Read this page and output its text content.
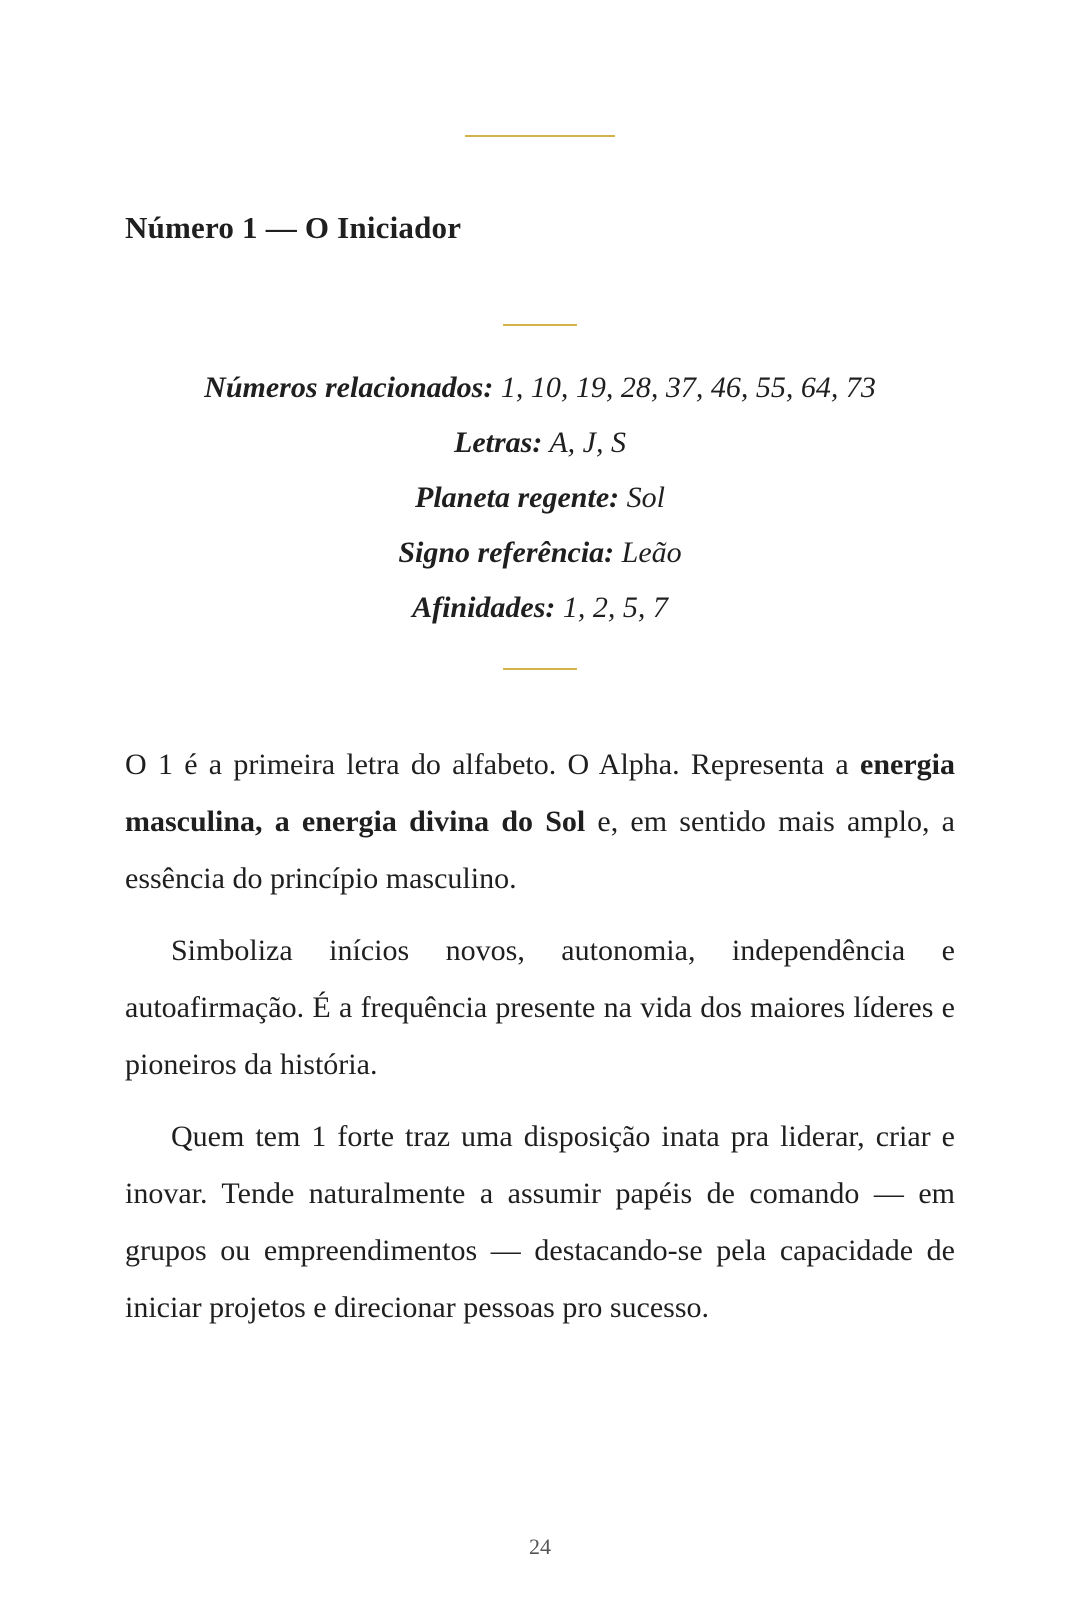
Número 1 — O Iniciador
Números relacionados: 1, 10, 19, 28, 37, 46, 55, 64, 73
Letras: A, J, S
Planeta regente: Sol
Signo referência: Leão
Afinidades: 1, 2, 5, 7

O 1 é a primeira letra do alfabeto. O Alpha. Representa a energia masculina, a energia divina do Sol e, em sentido mais amplo, a essência do princípio masculino.

Simboliza inícios novos, autonomia, independência e autoafirmação. É a frequência presente na vida dos maiores líderes e pioneiros da história.

Quem tem 1 forte traz uma disposição inata pra liderar, criar e inovar. Tende naturalmente a assumir papéis de comando — em grupos ou empreendimentos — destacando-se pela capacidade de iniciar projetos e direcionar pessoas pro sucesso.

24
